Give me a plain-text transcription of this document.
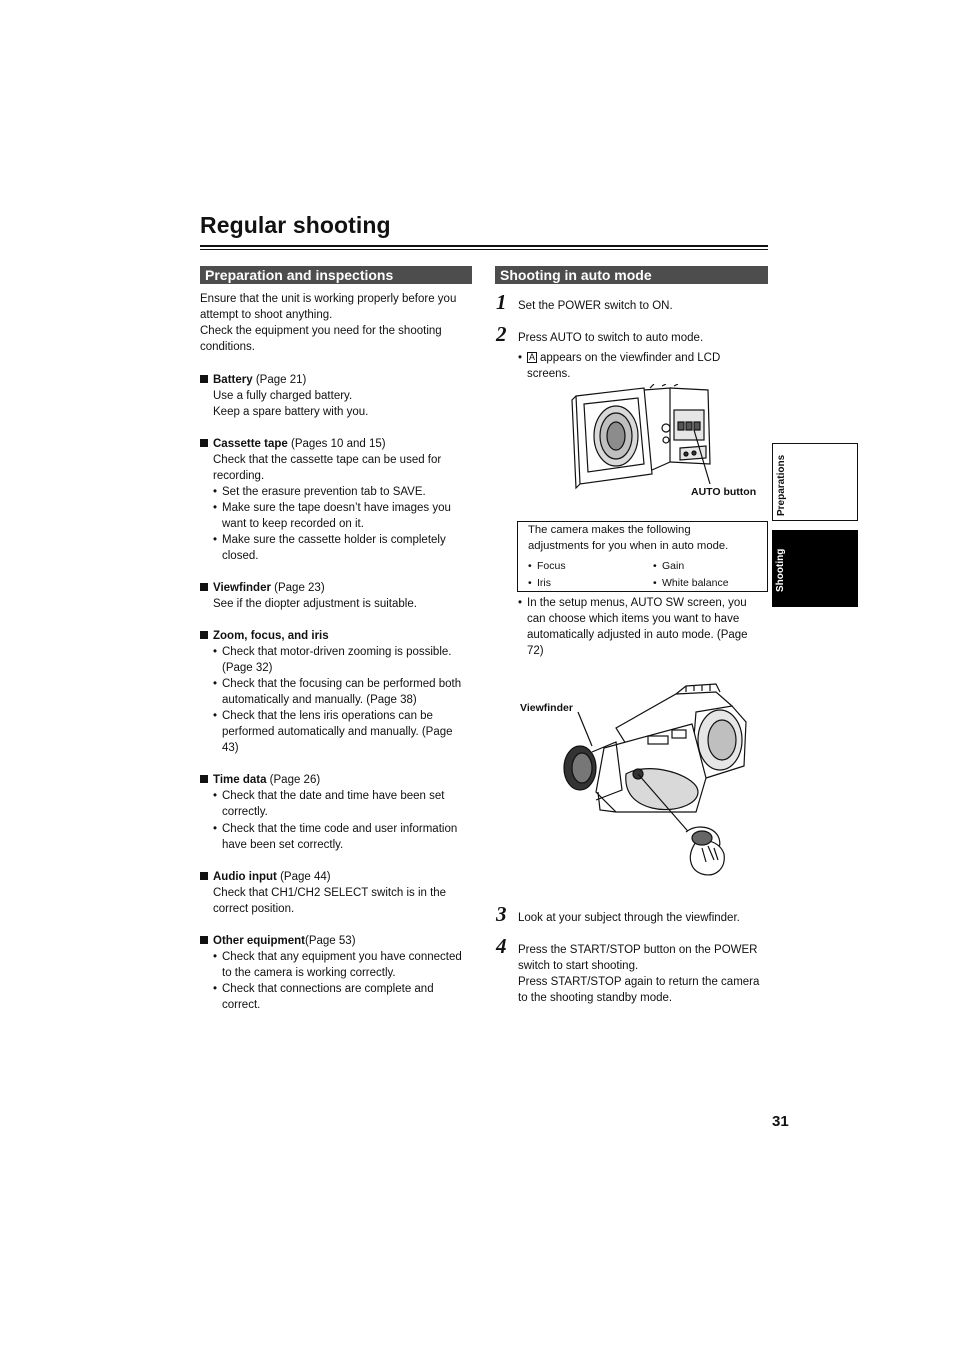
Regular shooting
Preparation and inspections	Shooting in auto mode
Ensure that the unit is working properly before you
attempt to shoot anything.
Check the equipment you need for the shooting
conditions.
Battery (Page 21)
Use a fully charged battery.
Keep a spare battery with you.
Cassette tape (Pages 10 and 15)
Check that the cassette tape can be used for
recording.
• Set the erasure prevention tab to SAVE.
• Make sure the tape doesn’t have images you
want to keep recorded on it.
• Make sure the cassette holder is completely
closed.
Viewfinder (Page 23)
See if the diopter adjustment is suitable.
Zoom, focus, and iris
• Check that motor-driven zooming is possible.
(Page 32)
• Check that the focusing can be performed both
automatically and manually. (Page 38)
• Check that the lens iris operations can be
performed automatically and manually. (Page
43)
Time data (Page 26)
• Check that the date and time have been set
correctly.
• Check that the time code and user information
have been set correctly.
Audio input (Page 44)
Check that CH1/CH2 SELECT switch is in the
correct position.
Other equipment(Page 53)
• Check that any equipment you have connected
to the camera is working correctly.
• Check that connections are complete and
correct.
1 Set the POWER switch to ON.
2 Press AUTO to switch to auto mode.
• A appears on the viewfinder and LCD
screens.
AUTO button
The camera makes the following
adjustments for you when in auto mode.
• Focus	• Gain
• Iris	• White balance
• In the setup menus, AUTO SW screen, you
can choose which items you want to have
automatically adjusted in auto mode. (Page
72)
Viewfinder
3 Look at your subject through the viewfinder.
4 Press the START/STOP button on the POWER
switch to start shooting.
Press START/STOP again to return the camera
to the shooting standby mode.
Preparations
Shooting
31
